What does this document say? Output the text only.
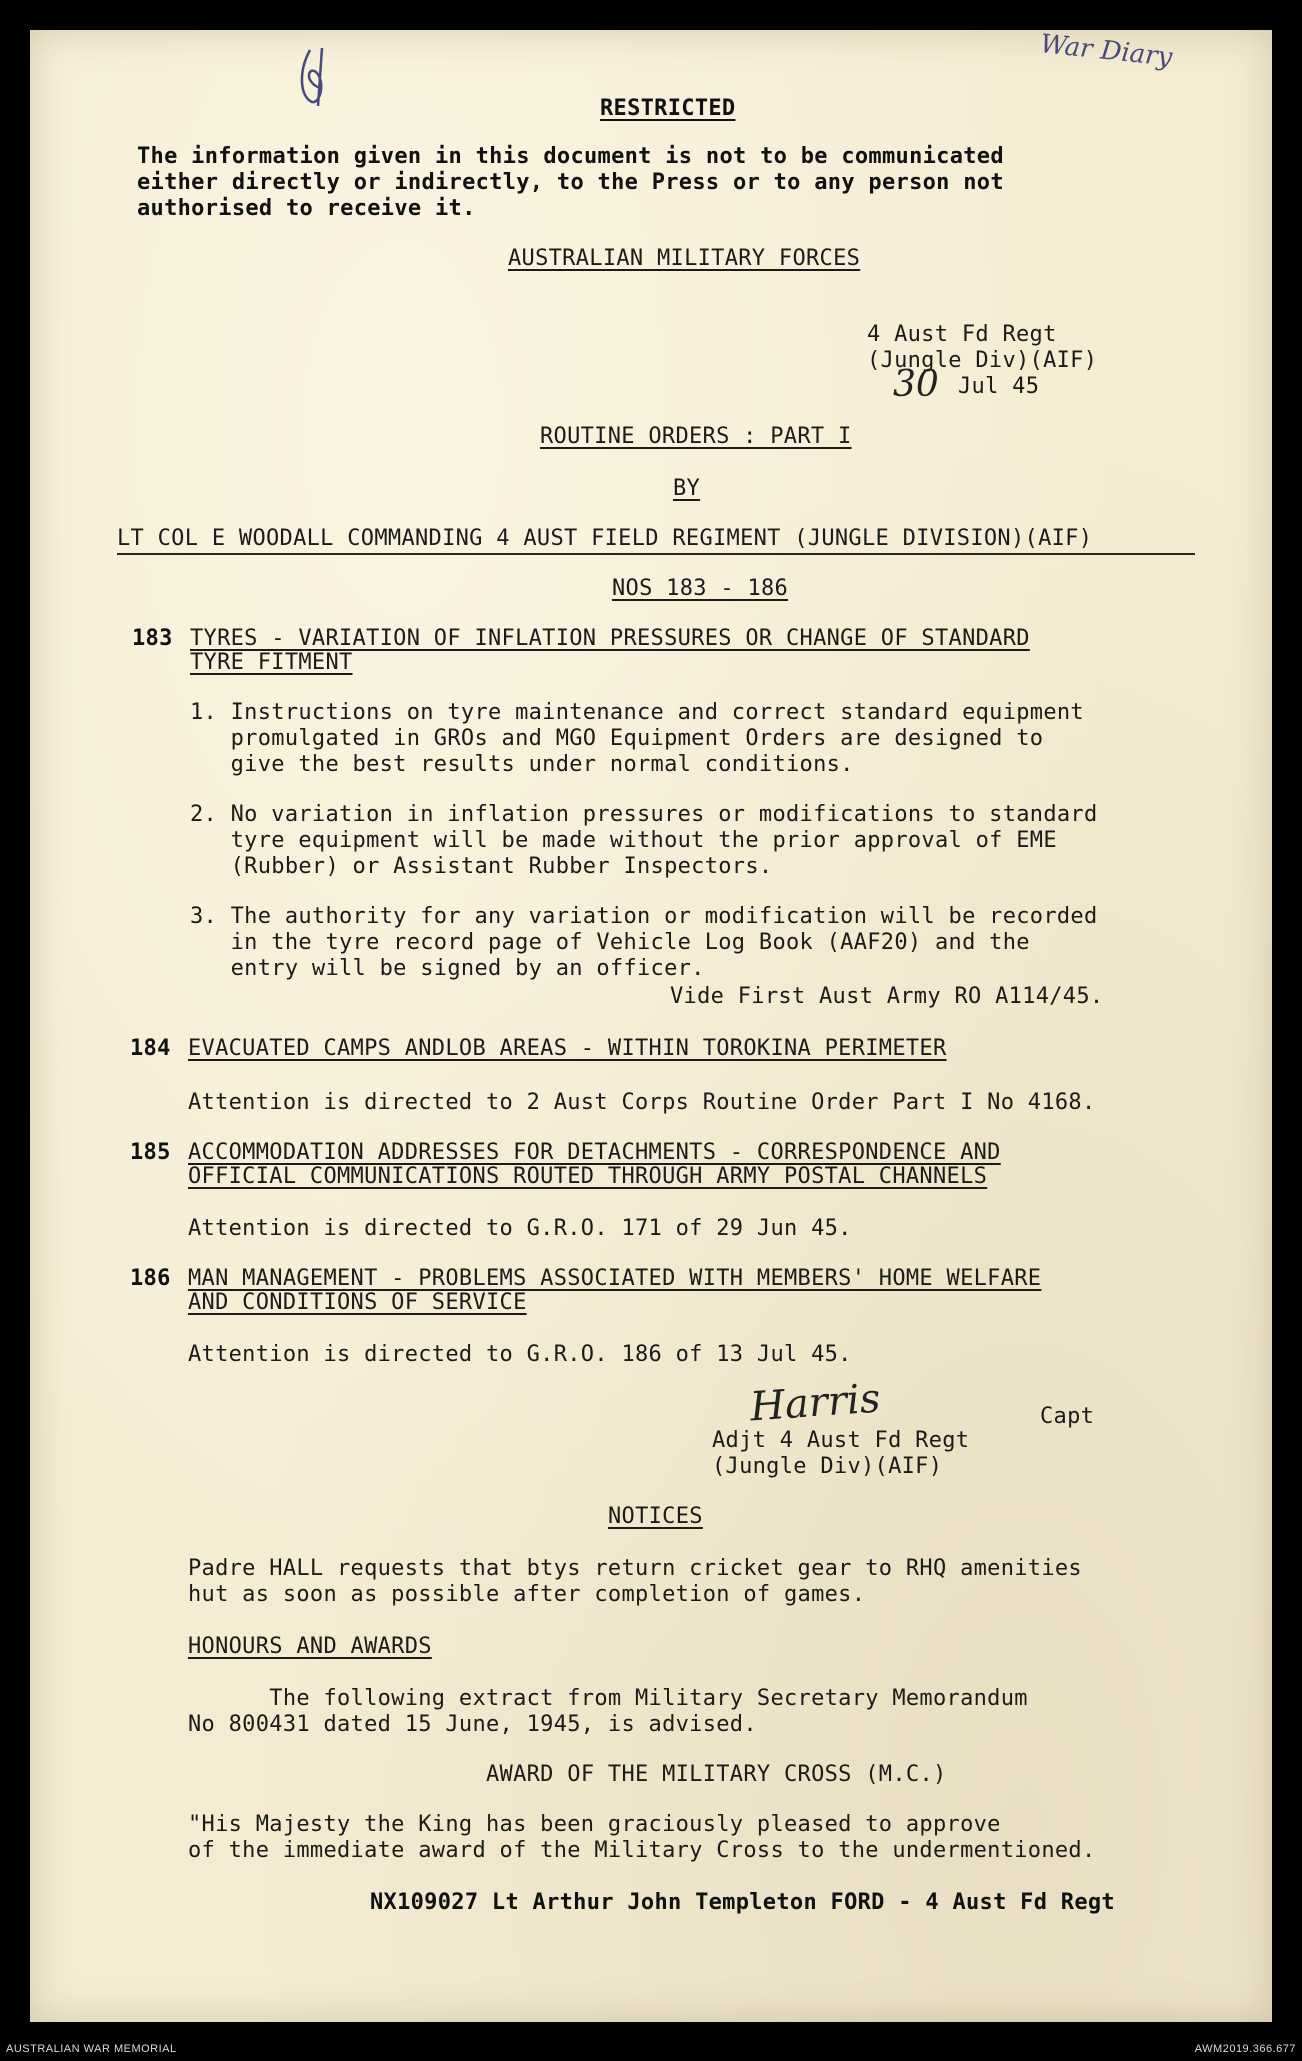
War Diary
RESTRICTED
The information given in this document is not to be communicated
either directly or indirectly, to the Press or to any person not
authorised to receive it.
AUSTRALIAN MILITARY FORCES
4 Aust Fd Regt
(Jungle Div)(AIF)
30 Jul 45
ROUTINE ORDERS : PART I
BY
LT COL E WOODALL COMMANDING 4 AUST FIELD REGIMENT (JUNGLE DIVISION)(AIF)
NOS 183 - 186
183 TYRES - VARIATION OF INFLATION PRESSURES OR CHANGE OF STANDARD
TYRE FITMENT
1. Instructions on tyre maintenance and correct standard equipment
promulgated in GROs and MGO Equipment Orders are designed to
give the best results under normal conditions.
2. No variation in inflation pressures or modifications to standard
tyre equipment will be made without the prior approval of EME
(Rubber) or Assistant Rubber Inspectors.
3. The authority for any variation or modification will be recorded
in the tyre record page of Vehicle Log Book (AAF20) and the
entry will be signed by an officer.
Vide First Aust Army RO A114/45.
184 EVACUATED CAMPS ANDLOB AREAS - WITHIN TOROKINA PERIMETER
Attention is directed to 2 Aust Corps Routine Order Part I No 4168.
185 ACCOMMODATION ADDRESSES FOR DETACHMENTS - CORRESPONDENCE AND
OFFICIAL COMMUNICATIONS ROUTED THROUGH ARMY POSTAL CHANNELS
Attention is directed to G.R.O. 171 of 29 Jun 45.
186 MAN MANAGEMENT - PROBLEMS ASSOCIATED WITH MEMBERS' HOME WELFARE
AND CONDITIONS OF SERVICE
Attention is directed to G.R.O. 186 of 13 Jul 45.
Harris	Capt
Adjt 4 Aust Fd Regt
(Jungle Div)(AIF)
NOTICES
Padre HALL requests that btys return cricket gear to RHQ amenities
hut as soon as possible after completion of games.
HONOURS AND AWARDS
The following extract from Military Secretary Memorandum
No 800431 dated 15 June, 1945, is advised.
AWARD OF THE MILITARY CROSS (M.C.)
"His Majesty the King has been graciously pleased to approve
of the immediate award of the Military Cross to the undermentioned.
NX109027 Lt Arthur John Templeton FORD - 4 Aust Fd Regt
AUSTRALIAN WAR MEMORIAL	AWM2019.366.677
